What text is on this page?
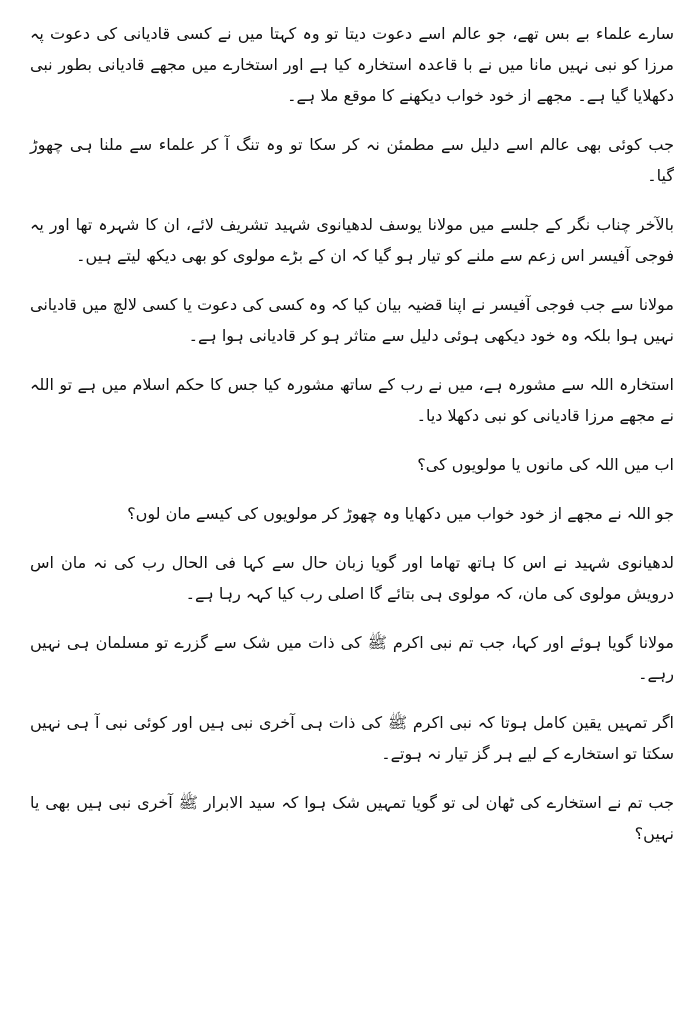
سارے علماء بے بس تھے، جو عالم اسے دعوت دیتا تو وہ کہتا میں نے کسی قادیانی کی دعوت پہ مرزا کو نبی نہیں مانا میں نے با قاعدہ استخارہ کیا ہے اور استخارے میں مجھے قادیانی بطور نبی دکھلایا گیا ہے۔ مجھے از خود خواب دیکھنے کا موقع ملا ہے۔

جب کوئی بھی عالم اسے دلیل سے مطمئن نہ کر سکا تو وہ تنگ آ کر علماء سے ملنا ہی چھوڑ گیا۔

بالآخر چناب نگر کے جلسے میں مولانا یوسف لدھیانوی شہید تشریف لائے، ان کا شہرہ تھا اور یہ فوجی آفیسر اس زعم سے ملنے کو تیار ہو گیا کہ ان کے بڑے مولوی کو بھی دیکھ لیتے ہیں۔

مولانا سے جب فوجی آفیسر نے اپنا قضیہ بیان کیا کہ وہ کسی کی دعوت یا کسی لالچ میں قادیانی نہیں ہوا بلکہ وہ خود دیکھی ہوئی دلیل سے متاثر ہو کر قادیانی ہوا ہے۔

استخارہ اللہ سے مشورہ ہے، میں نے رب کے ساتھ مشورہ کیا جس کا حکم اسلام میں ہے تو اللہ نے مجھے مرزا قادیانی کو نبی دکھلا دیا۔

اب میں اللہ کی مانوں یا مولویوں کی؟

جو اللہ نے مجھے از خود خواب میں دکھایا وہ چھوڑ کر مولویوں کی کیسے مان لوں؟

لدھیانوی شہید نے اس کا ہاتھ تھاما اور گویا زبان حال سے کہا فی الحال رب کی نہ مان اس درویش مولوی کی مان، کہ مولوی ہی بتائے گا اصلی رب کیا کہہ رہا ہے۔

مولانا گویا ہوئے اور کہا، جب تم نبی اکرم ﷺ کی ذات میں شک سے گزرے تو مسلمان ہی نہیں رہے۔

اگر تمہیں یقین کامل ہوتا کہ نبی اکرم ﷺ کی ذات ہی آخری نبی ہیں اور کوئی نبی آ ہی نہیں سکتا تو استخارے کے لیے ہر گز تیار نہ ہوتے۔

جب تم نے استخارے کی ٹھان لی تو گویا تمہیں شک ہوا کہ سید الابرار ﷺ آخری نبی ہیں بھی یا نہیں؟
